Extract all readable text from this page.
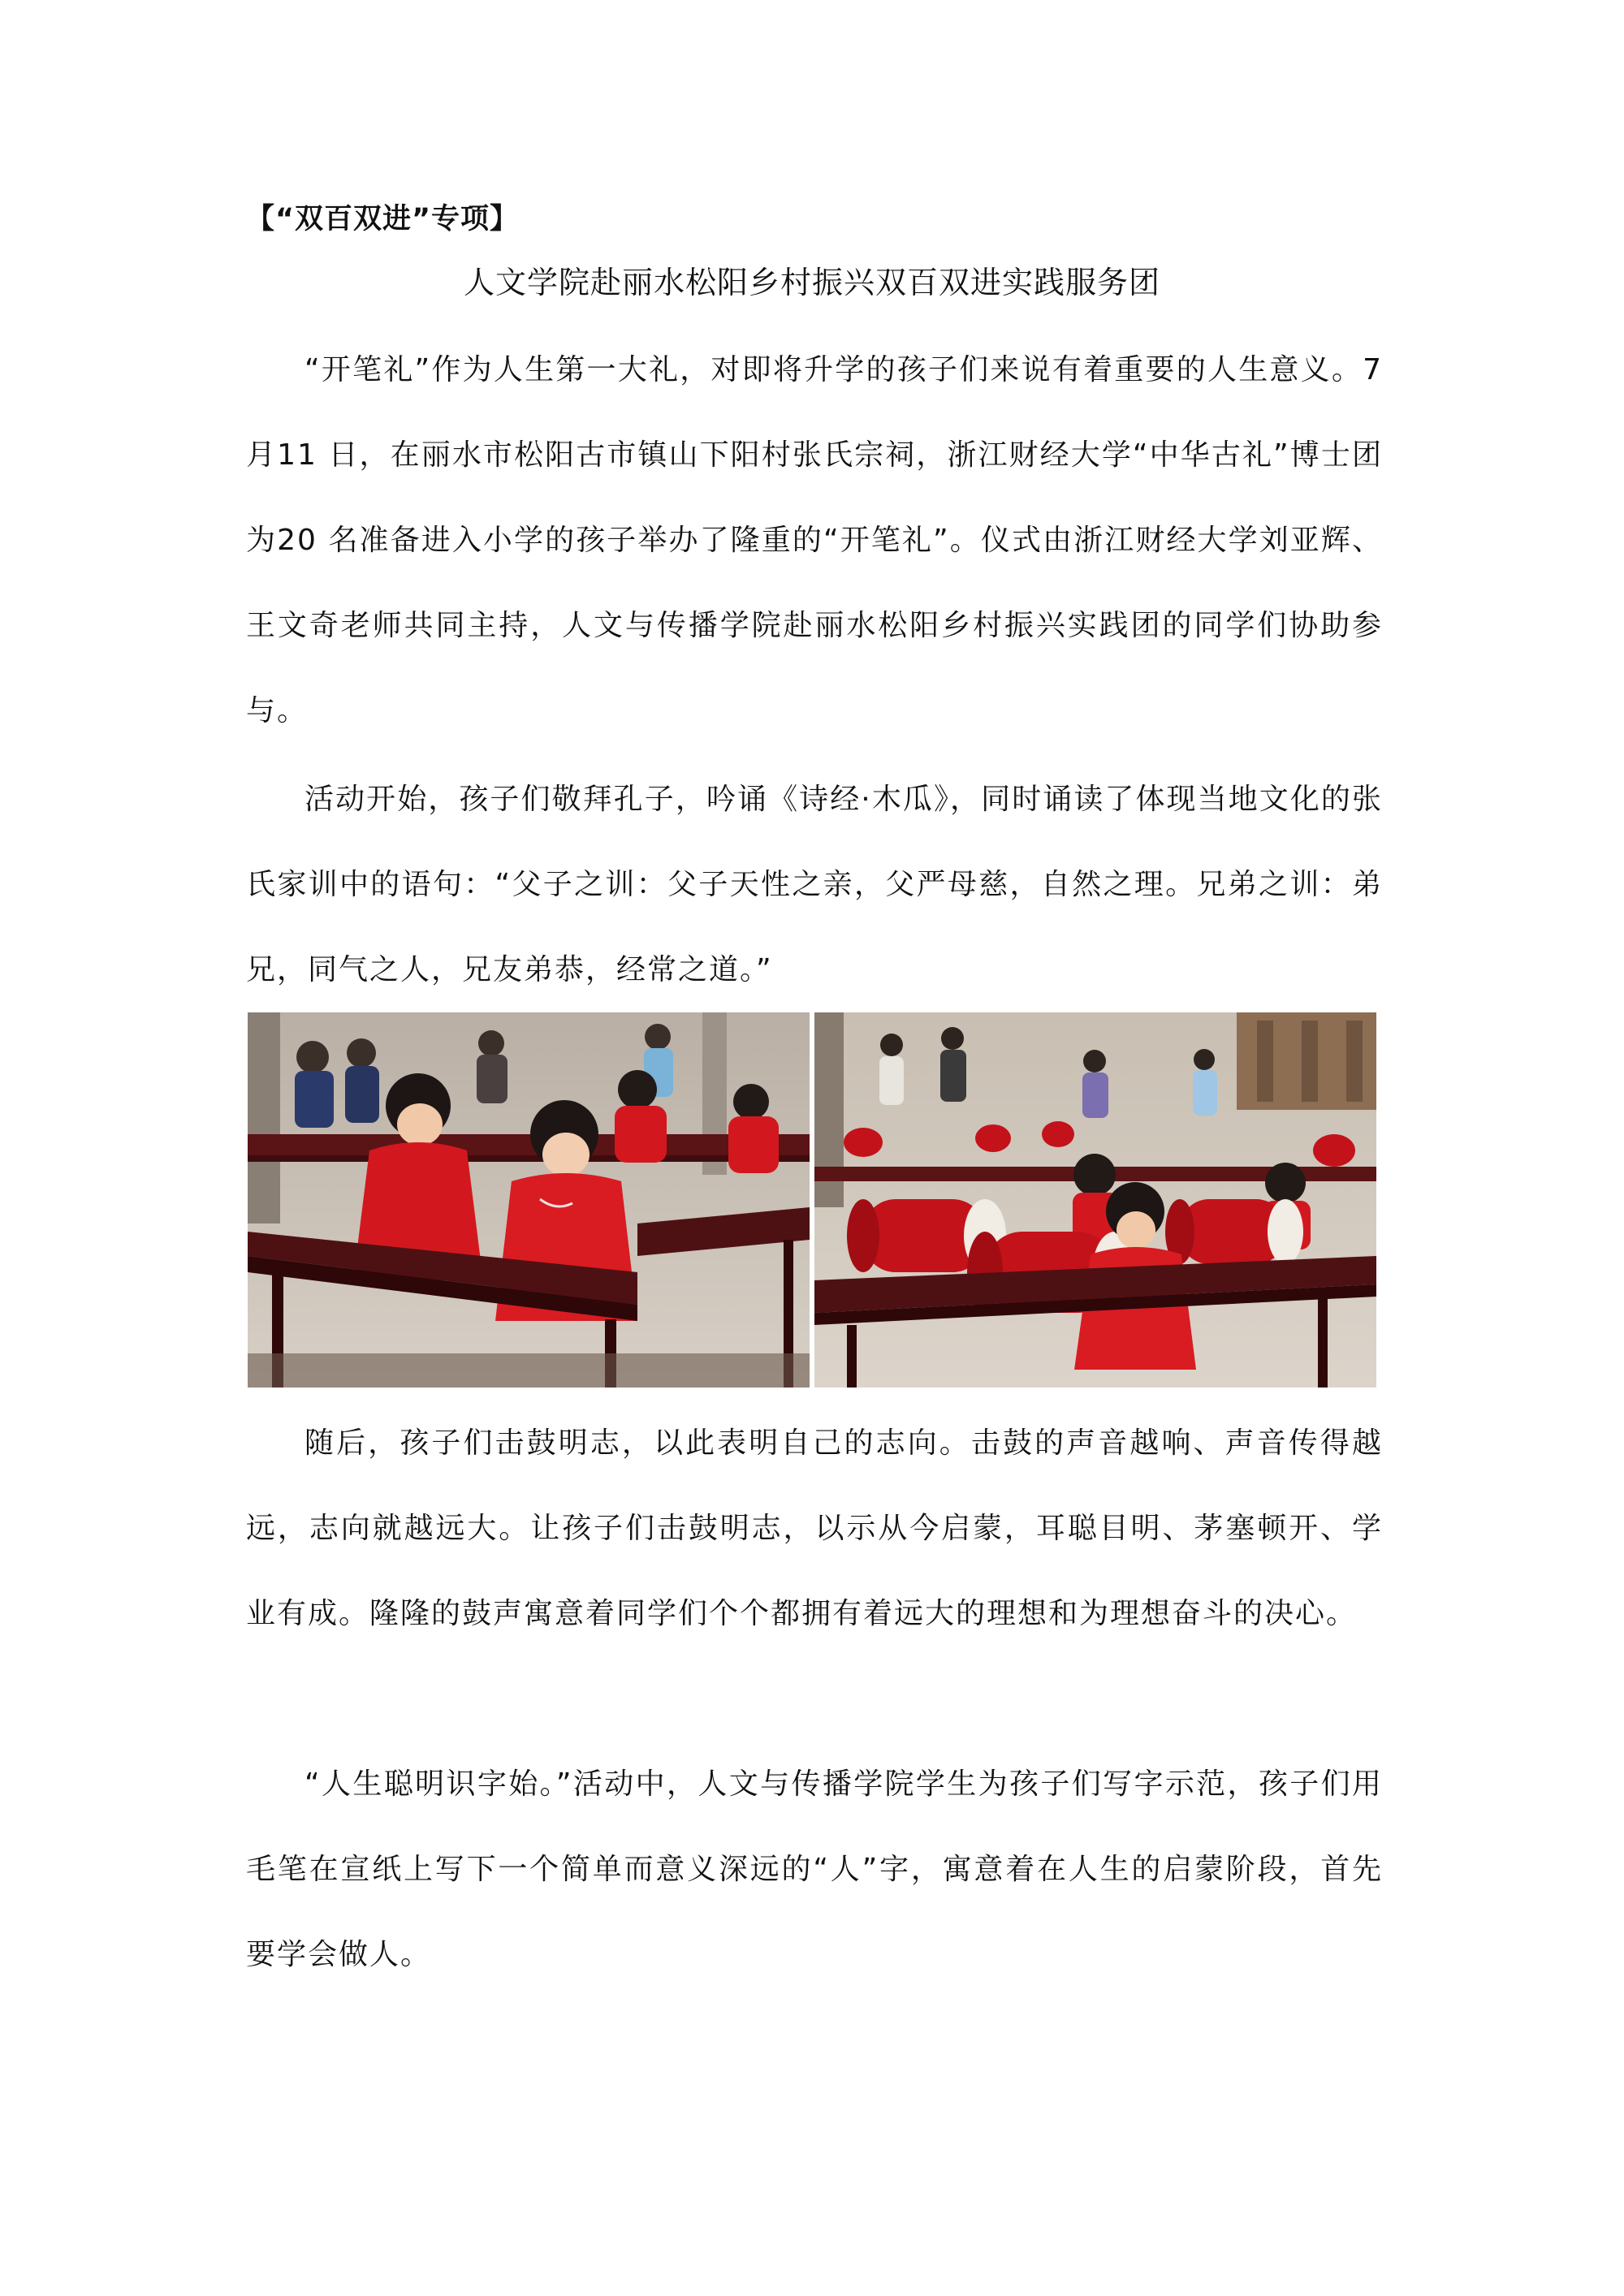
【“双百双进”专项】
人文学院赴丽水松阳乡村振兴双百双进实践服务团

“开笔礼”作为人生第一大礼，对即将升学的孩子们来说有着重要的人生意义。7 月11 日，在丽水市松阳古市镇山下阳村张氏宗祠，浙江财经大学“中华古礼”博士团为20 名准备进入小学的孩子举办了隆重的“开笔礼”。仪式由浙江财经大学刘亚辉、王文奇老师共同主持，人文与传播学院赴丽水松阳乡村振兴实践团的同学们协助参与。

活动开始，孩子们敬拜孔子，吟诵《诗经·木瓜》，同时诵读了体现当地文化的张氏家训中的语句：“父子之训：父子天性之亲，父严母慈，自然之理。兄弟之训：弟兄，同气之人，兄友弟恭，经常之道。”

随后，孩子们击鼓明志，以此表明自己的志向。击鼓的声音越响、声音传得越远，志向就越远大。让孩子们击鼓明志，以示从今启蒙，耳聪目明、茅塞顿开、学业有成。隆隆的鼓声寓意着同学们个个都拥有着远大的理想和为理想奋斗的决心。

“人生聪明识字始。”活动中，人文与传播学院学生为孩子们写字示范，孩子们用毛笔在宣纸上写下一个简单而意义深远的“人”字，寓意着在人生的启蒙阶段，首先要学会做人。
